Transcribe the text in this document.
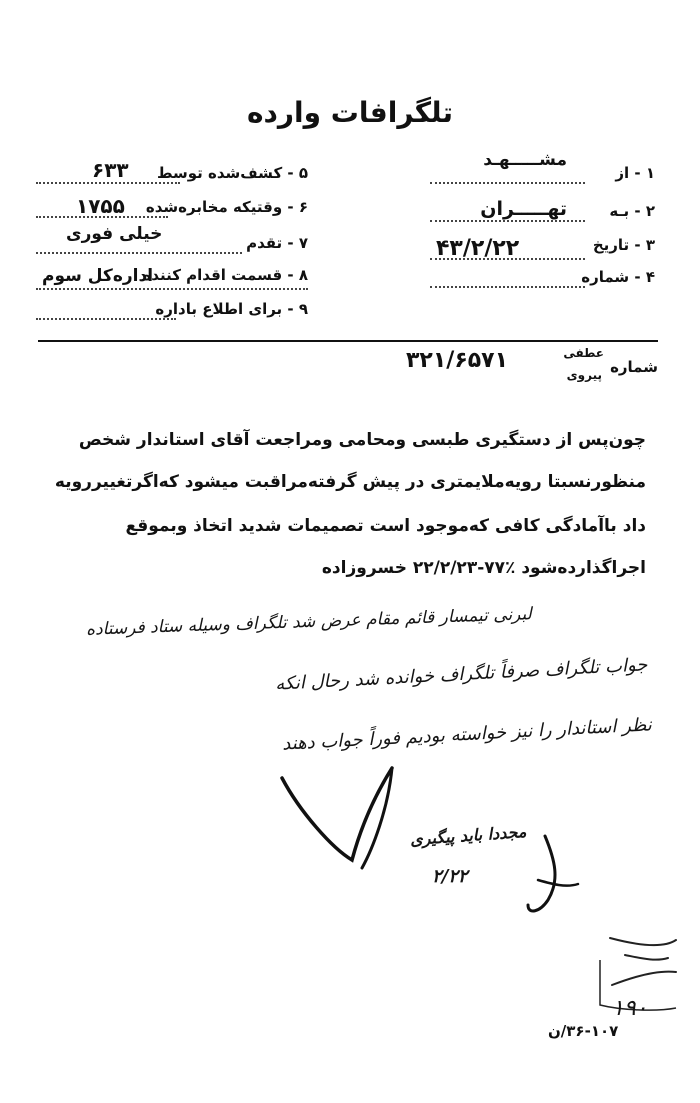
تلگرافات وارده
۱ - از
مشـــــهـد
۲ - بـه
تهـــــران
۳ - تاریخ
۴۳/۲/۲۲
۴ - شماره
۵ - کشف‌شده توسط
۶۳۳
۶ - وقتیکه مخابره‌شده
۱۷۵۵
۷ - تقدم
خیلی فوری
۸ - قسمت اقدام کننده
اداره‌کل سوم
۹ - برای اطلاع باداره
شماره
عطفی
پیروی
۳۲۱/۶۵۷۱
چون‌پس از دستگیری طبسی ومحامی ومراجعت آقای استاندار شخص
منظورنسبتا رویه‌ملایمتری در پیش گرفته‌مراقبت میشود که‌اگرتغییررویه
داد باآمادگی کافی که‌موجود است تصمیمات شدید اتخاذ وبموقع
اجراگذارده‌شود ٪۷۷-۲۲/۲/۲۳ خسروزاده
لبرنی تیمسار قائم مقام عرض شد تلگراف وسیله ستاد فرستاده
جواب تلگراف صرفاً تلگراف خوانده شد رحال انکه
نظر استاندار را نیز خواسته بودیم فوراً جواب دهند
مجددا باید پیگیری
۲/۲۲
۱۹۰
۳۶-۱۰۷/ن
